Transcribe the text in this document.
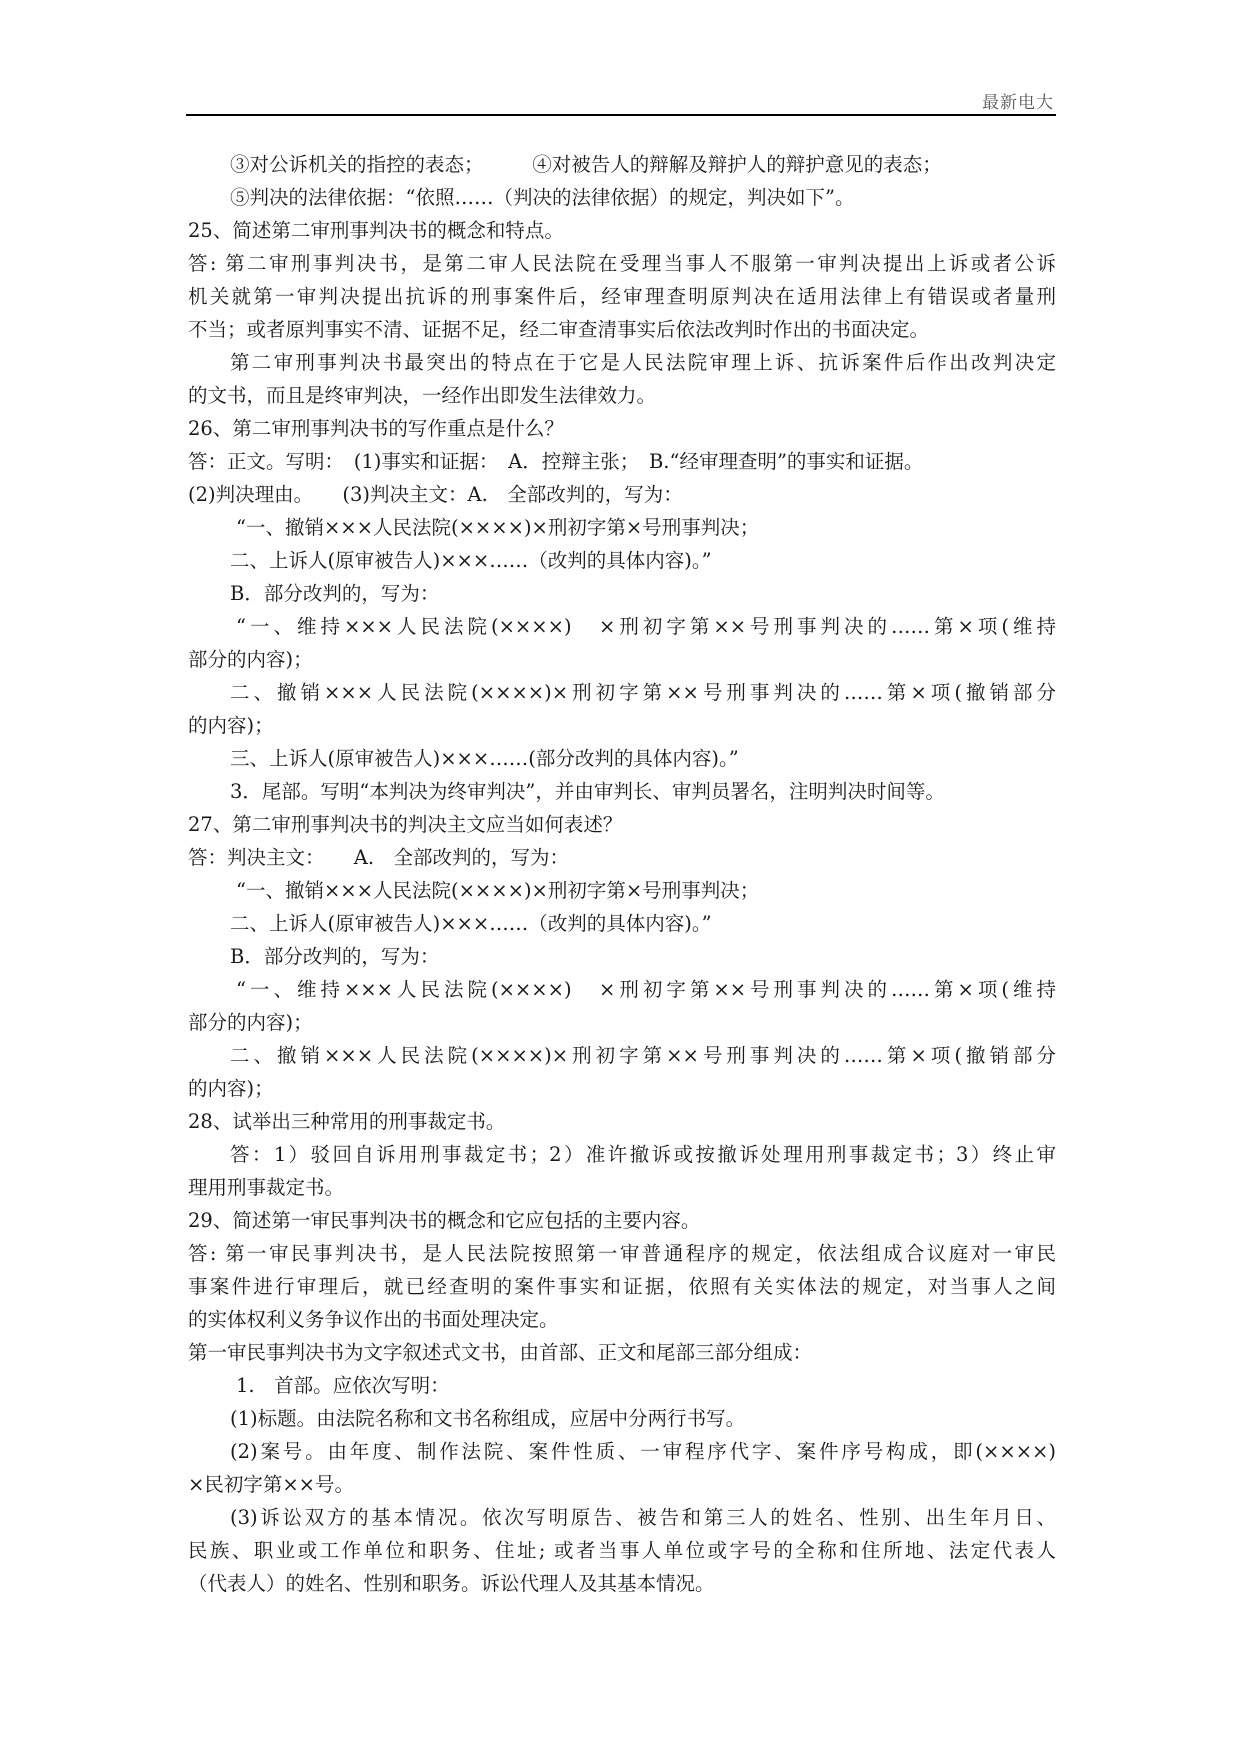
最新电大
③对公诉机关的指控的表态；　　　④对被告人的辩解及辩护人的辩护意见的表态；
⑤判决的法律依据：“依照……（判决的法律依据）的规定，判决如下”。
25、简述第二审刑事判决书的概念和特点。
答: 第二审刑事判决书，是第二审人民法院在受理当事人不服第一审判决提出上诉或者公诉
机关就第一审判决提出抗诉的刑事案件后，经审理查明原判决在适用法律上有错误或者量刑
不当；或者原判事实不清、证据不足，经二审查清事实后依法改判时作出的书面决定。
第二审刑事判决书最突出的特点在于它是人民法院审理上诉、抗诉案件后作出改判决定
的文书，而且是终审判决，一经作出即发生法律效力。
26、第二审刑事判决书的写作重点是什么？
答：正文。写明：　(1)事实和证据：　A．控辩主张；　B.“经审理查明”的事实和证据。
(2)判决理由。　　(3)判决主文：A.　全部改判的，写为：
“一、撤销×××人民法院(××××)×刑初字第×号刑事判决；
二、上诉人(原审被告人)×××……（改判的具体内容)。”
B．部分改判的，写为：
“一、维持×××人民法院(××××)　×刑初字第××号刑事判决的……第×项(维持
部分的内容)；
二、撤销×××人民法院(××××)×刑初字第××号刑事判决的……第×项(撤销部分
的内容)；
三、上诉人(原审被告人)×××……(部分改判的具体内容)。”
3．尾部。写明“本判决为终审判决”，并由审判长、审判员署名，注明判决时间等。
27、第二审刑事判决书的判决主文应当如何表述？
答：判决主文：　　A.　全部改判的，写为：
“一、撤销×××人民法院(××××)×刑初字第×号刑事判决；
二、上诉人(原审被告人)×××……（改判的具体内容)。”
B．部分改判的，写为：
“一、维持×××人民法院(××××)　×刑初字第××号刑事判决的……第×项(维持
部分的内容)；
二、撤销×××人民法院(××××)×刑初字第××号刑事判决的……第×项(撤销部分
的内容)；
28、试举出三种常用的刑事裁定书。
答：1）驳回自诉用刑事裁定书；2）准许撤诉或按撤诉处理用刑事裁定书；3）终止审
理用刑事裁定书。
29、简述第一审民事判决书的概念和它应包括的主要内容。
答: 第一审民事判决书，是人民法院按照第一审普通程序的规定，依法组成合议庭对一审民
事案件进行审理后，就已经查明的案件事实和证据，依照有关实体法的规定，对当事人之间
的实体权利义务争议作出的书面处理决定。
第一审民事判决书为文字叙述式文书，由首部、正文和尾部三部分组成：
1.　首部。应依次写明：
(1)标题。由法院名称和文书名称组成，应居中分两行书写。
(2)案号。由年度、制作法院、案件性质、一审程序代字、案件序号构成，即(××××)
×民初字第××号。
(3)诉讼双方的基本情况。依次写明原告、被告和第三人的姓名、性别、出生年月日、
民族、职业或工作单位和职务、住址; 或者当事人单位或字号的全称和住所地、法定代表人
（代表人）的姓名、性别和职务。诉讼代理人及其基本情况。
